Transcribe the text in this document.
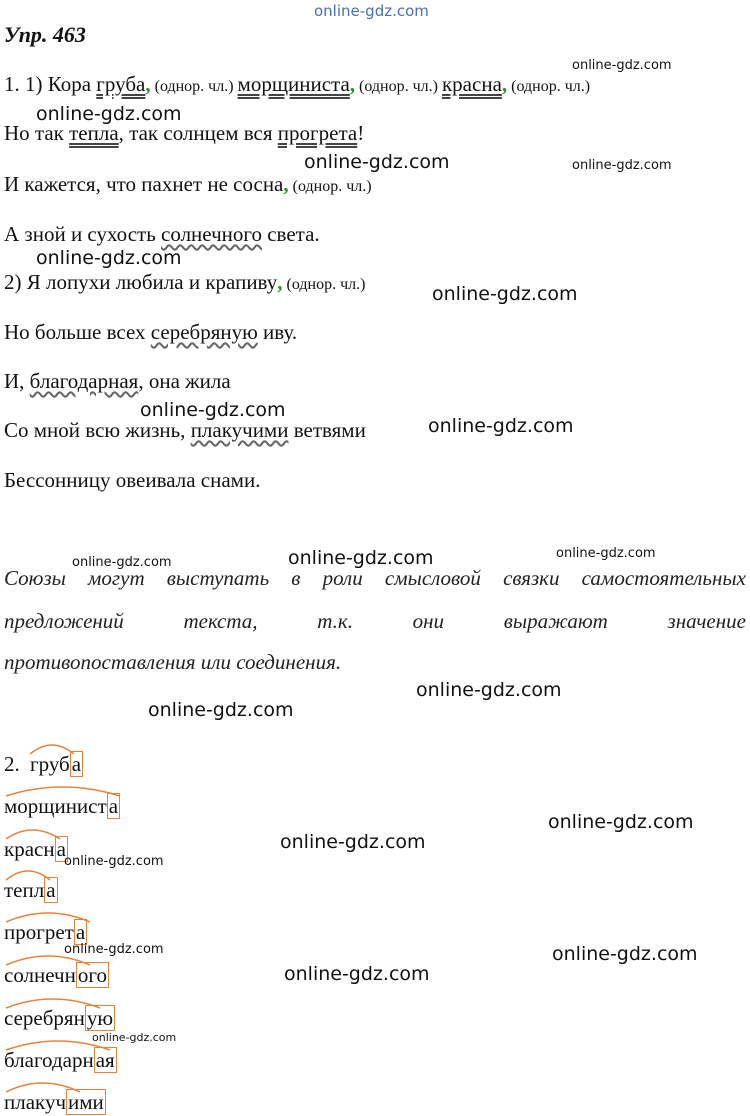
online-gdz.com
Упр. 463
1. 1) Кора груба, (однор. чл.) морщиниста, (однор. чл.) красна, (однор. чл.)
Но так тепла, так солнцем вся прогрета!
И кажется, что пахнет не сосна, (однор. чл.)
А зной и сухость солнечного света.
2) Я лопухи любила и крапиву, (однор. чл.)
Но больше всех серебряную иву.
И, благодарная, она жила
Со мной всю жизнь, плакучими ветвями
Бессонницу овеивала снами.
Союзы могут выступать в роли смысловой связки самостоятельных
предложений	текста,	т.к.	они	выражают	значение
противопоставления или соединения.
2. груба
морщиниста
красна
тепла
прогрета
солнечного
серебряную
благодарная
плакучими
online-gdz.com
online-gdz.com
online-gdz.com	online-gdz.com
online-gdz.com
online-gdz.com
online-gdz.com
online-gdz.com
online-gdz.com	online-gdz.com	online-gdz.com
online-gdz.com
online-gdz.com
online-gdz.com
online-gdz.com
online-gdz.com
online-gdz.com	online-gdz.com
online-gdz.com
online-gdz.com
